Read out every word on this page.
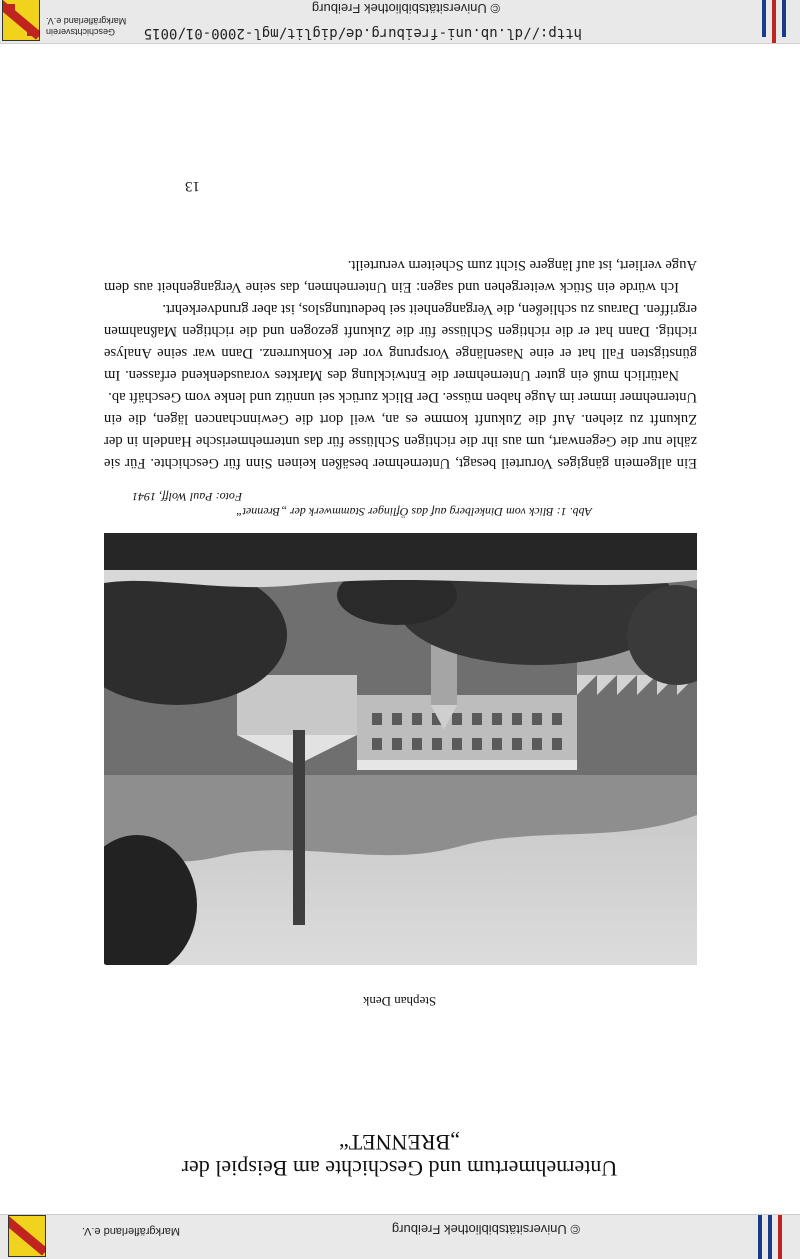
© Universitätsbibliothek Freiburg
Markgräflerland e.V.
Geschichtsverein
Markgräflerland e.V.
http://dl.ub.uni-freiburg.de/diglit/mgl-2000-01/0015
© Universitätsbibliothek Freiburg
Unternehmertum und Geschichte am Beispiel der
„BRENNET“
Stephan Denk
Abb. 1: Blick vom Dinkelberg auf das Öflinger Stammwerk der „Brennet“
Foto: Paul Wolff, 1941

Ein allgemein gängiges Vorurteil besagt, Unternehmer besäßen keinen Sinn für Geschichte. Für sie zähle nur die Gegenwart, um aus ihr die richtigen Schlüsse für das unternehmerische Handeln in der Zukunft zu ziehen. Auf die Zukunft komme es an, weil dort die Gewinnchancen lägen, die ein Unternehmer immer im Auge haben müsse. Der Blick zurück sei unnütz und lenke vom Geschäft ab.

Natürlich muß ein guter Unternehmer die Entwicklung des Marktes vorausdenkend erfassen. Im günstigsten Fall hat er eine Nasenlänge Vorsprung vor der Konkurrenz. Dann war seine Analyse richtig. Dann hat er die richtigen Schlüsse für die Zukunft gezogen und die richtigen Maßnahmen ergriffen. Daraus zu schließen, die Vergangenheit sei bedeutungslos, ist aber grundverkehrt.

Ich würde ein Stück weitergehen und sagen: Ein Unternehmen, das seine Vergangenheit aus dem Auge verliert, ist auf längere Sicht zum Scheitern verurteilt.

13
